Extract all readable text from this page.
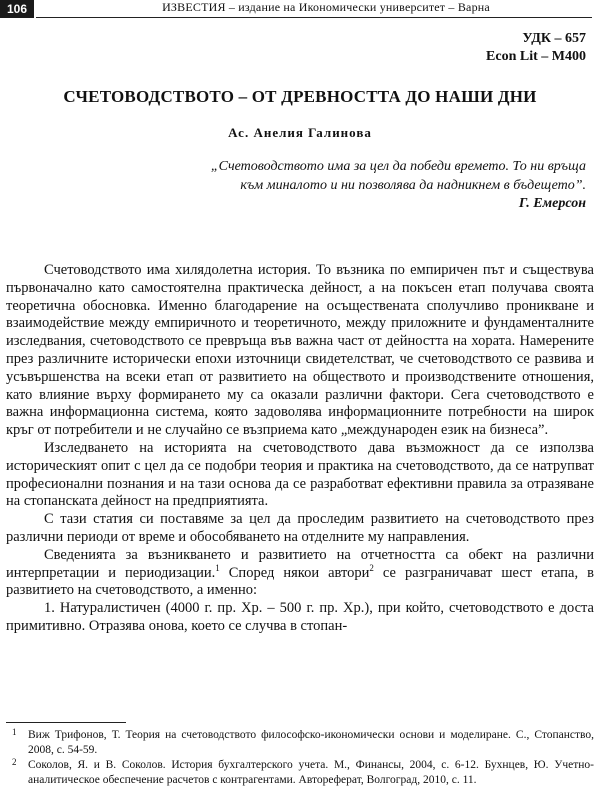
106	ИЗВЕСТИЯ – издание на Икономически университет – Варна
УДК – 657
Econ Lit – M400
СЧЕТОВОДСТВОТО – ОТ ДРЕВНОСТТА ДО НАШИ ДНИ
Ас. Анелия Галинова
„Счетоводството има за цел да победи времето. То ни връща към миналото и ни позволява да надникнем в бъдещето”.
Г. Емерсон

Счетоводството има хилядолетна история. То възника по емпиричен път и съществува първоначално като самостоятелна практическа дейност, а на покъсен етап получава своята теоретична обосновка. Именно благодарение на осъществената сполучливо проникване и взаимодействие между емпиричното и теоретичното, между приложните и фундаменталните изследвания, счетоводството се превръща във важна част от дейността на хората. Намерените през различните исторически епохи източници свидетелстват, че счетоводството се развива и усъвършенства на всеки етап от развитието на обществото и производствените отношения, като влияние върху формирането му са оказали различни фактори. Сега счетоводството е важна информационна система, която задоволява информационните потребности на широк кръг от потребители и не случайно се възприема като „международен език на бизнеса”.

Изследването на историята на счетоводството дава възможност да се използва историческият опит с цел да се подобри теория и практика на счетоводството, да се натрупват професионални познания и на тази основа да се разработват ефективни правила за отразяване на стопанската дейност на предприятията.

С тази статия си поставяме за цел да проследим развитието на счетоводството през различни периоди от време и обособяването на отделните му направления.

Сведенията за възникването и развитието на отчетността са обект на различни интерпретации и периодизации.$^1$ Според някои автори$^2$ се разграничават шест етапа, в развитието на счетоводството, а именно:

1. Натуралистичен (4000 г. пр. Хр. – 500 г. пр. Хр.), при който, счетоводството е доста примитивно. Отразява онова, което се случва в стопан-

1 Виж Трифонов, Т. Теория на счетоводството философско-икономически основи и моделиране. С., Стопанство, 2008, с. 54-59.

2 Соколов, Я. и В. Соколов. История бухгалтерского учета. М., Финансы, 2004, с. 6-12. Бухнцев, Ю. Учетно-аналитическое обеспечение расчетов с контрагентами. Автореферат, Волгоград, 2010, с. 11.
